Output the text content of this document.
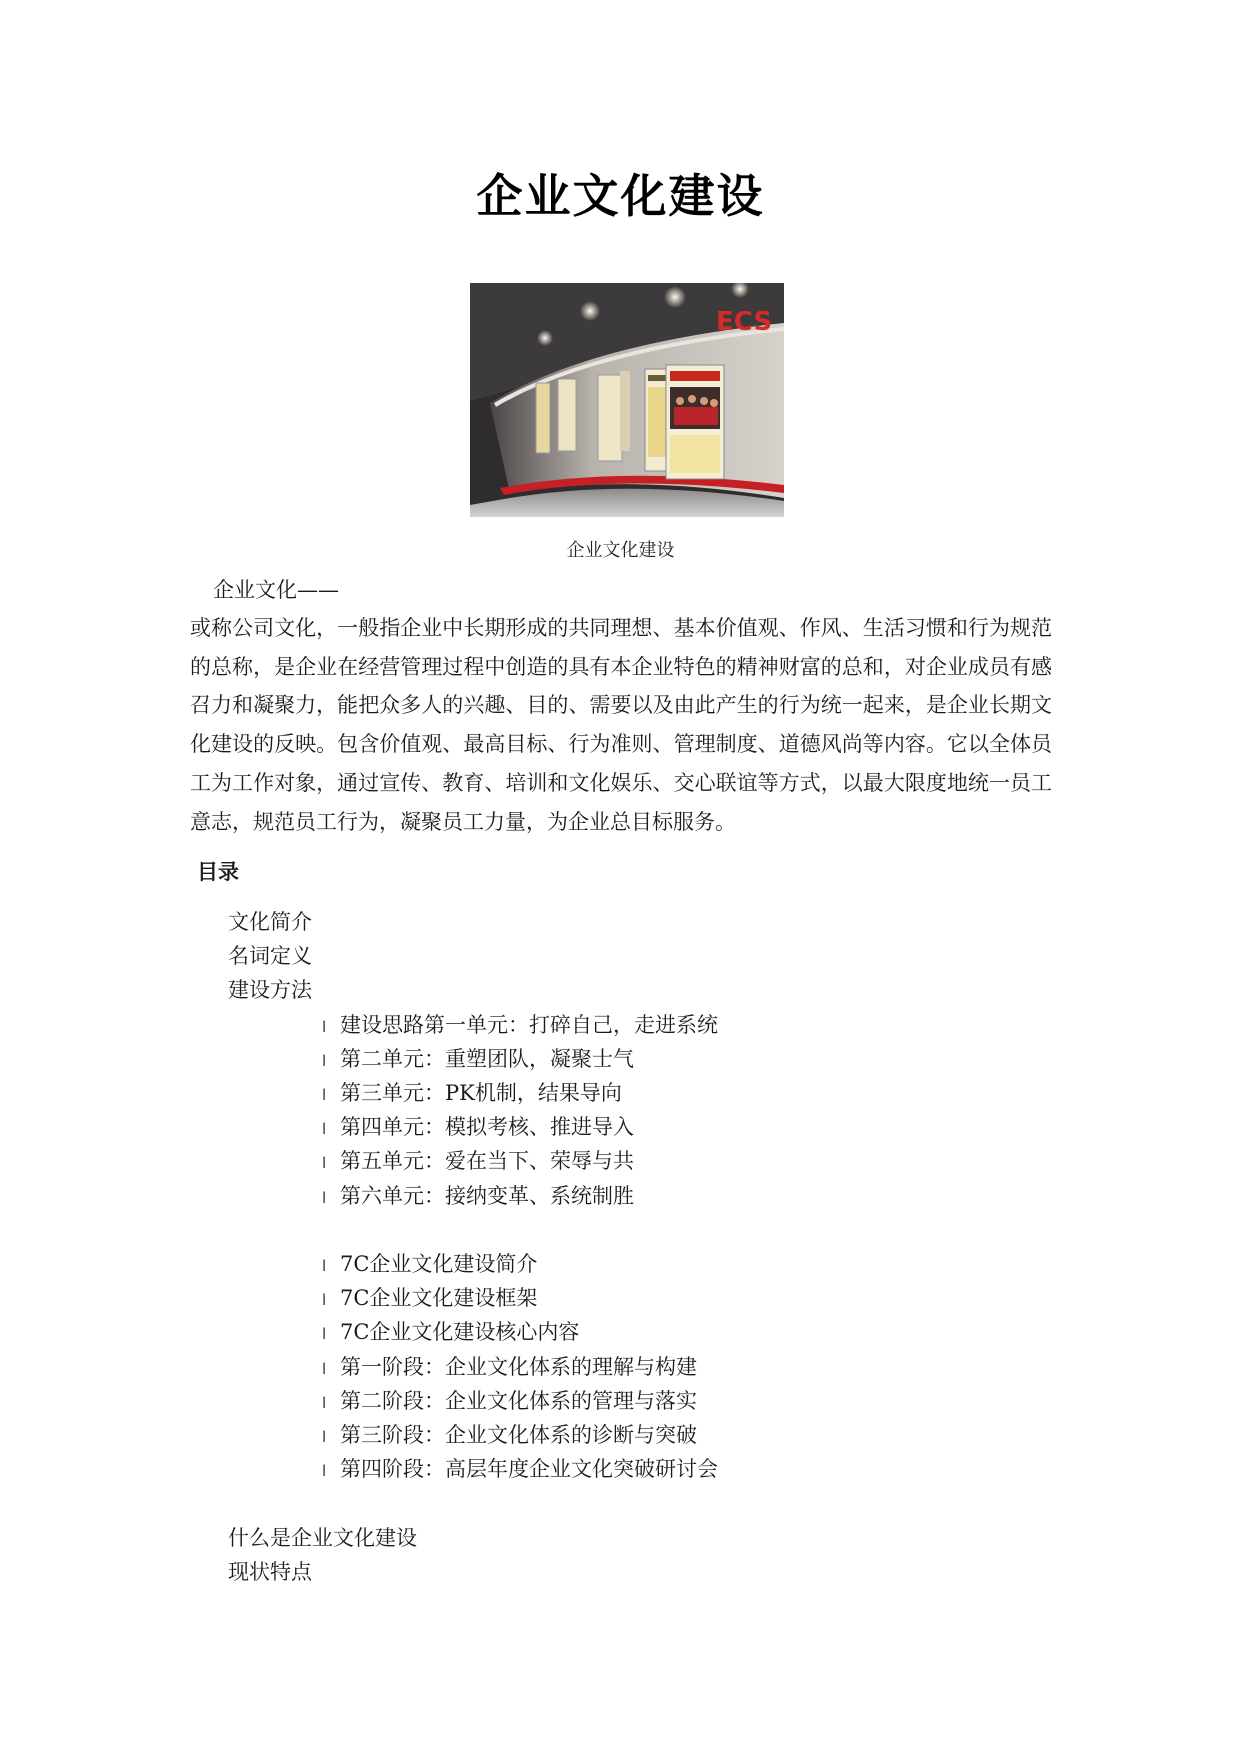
企业文化建设
ECS
企业文化建设
企业文化——

或称公司文化，一般指企业中长期形成的共同理想、基本价值观、作风、生活习惯和行为规范的总称，是企业在经营管理过程中创造的具有本企业特色的精神财富的总和，对企业成员有感召力和凝聚力，能把众多人的兴趣、目的、需要以及由此产生的行为统一起来，是企业长期文化建设的反映。包含价值观、最高目标、行为准则、管理制度、道德风尚等内容。它以全体员工为工作对象，通过宣传、教育、培训和文化娱乐、交心联谊等方式，以最大限度地统一员工意志，规范员工行为，凝聚员工力量，为企业总目标服务。

目录
文化简介
名词定义
建设方法
l 建设思路第一单元：打碎自己，走进系统
l 第二单元：重塑团队，凝聚士气
l 第三单元：PK机制，结果导向
l 第四单元：模拟考核、推进导入
l 第五单元：爱在当下、荣辱与共
l 第六单元：接纳变革、系统制胜
l 7C企业文化建设简介
l 7C企业文化建设框架
l 7C企业文化建设核心内容
l 第一阶段：企业文化体系的理解与构建
l 第二阶段：企业文化体系的管理与落实
l 第三阶段：企业文化体系的诊断与突破
l 第四阶段：高层年度企业文化突破研讨会
什么是企业文化建设
现状特点
